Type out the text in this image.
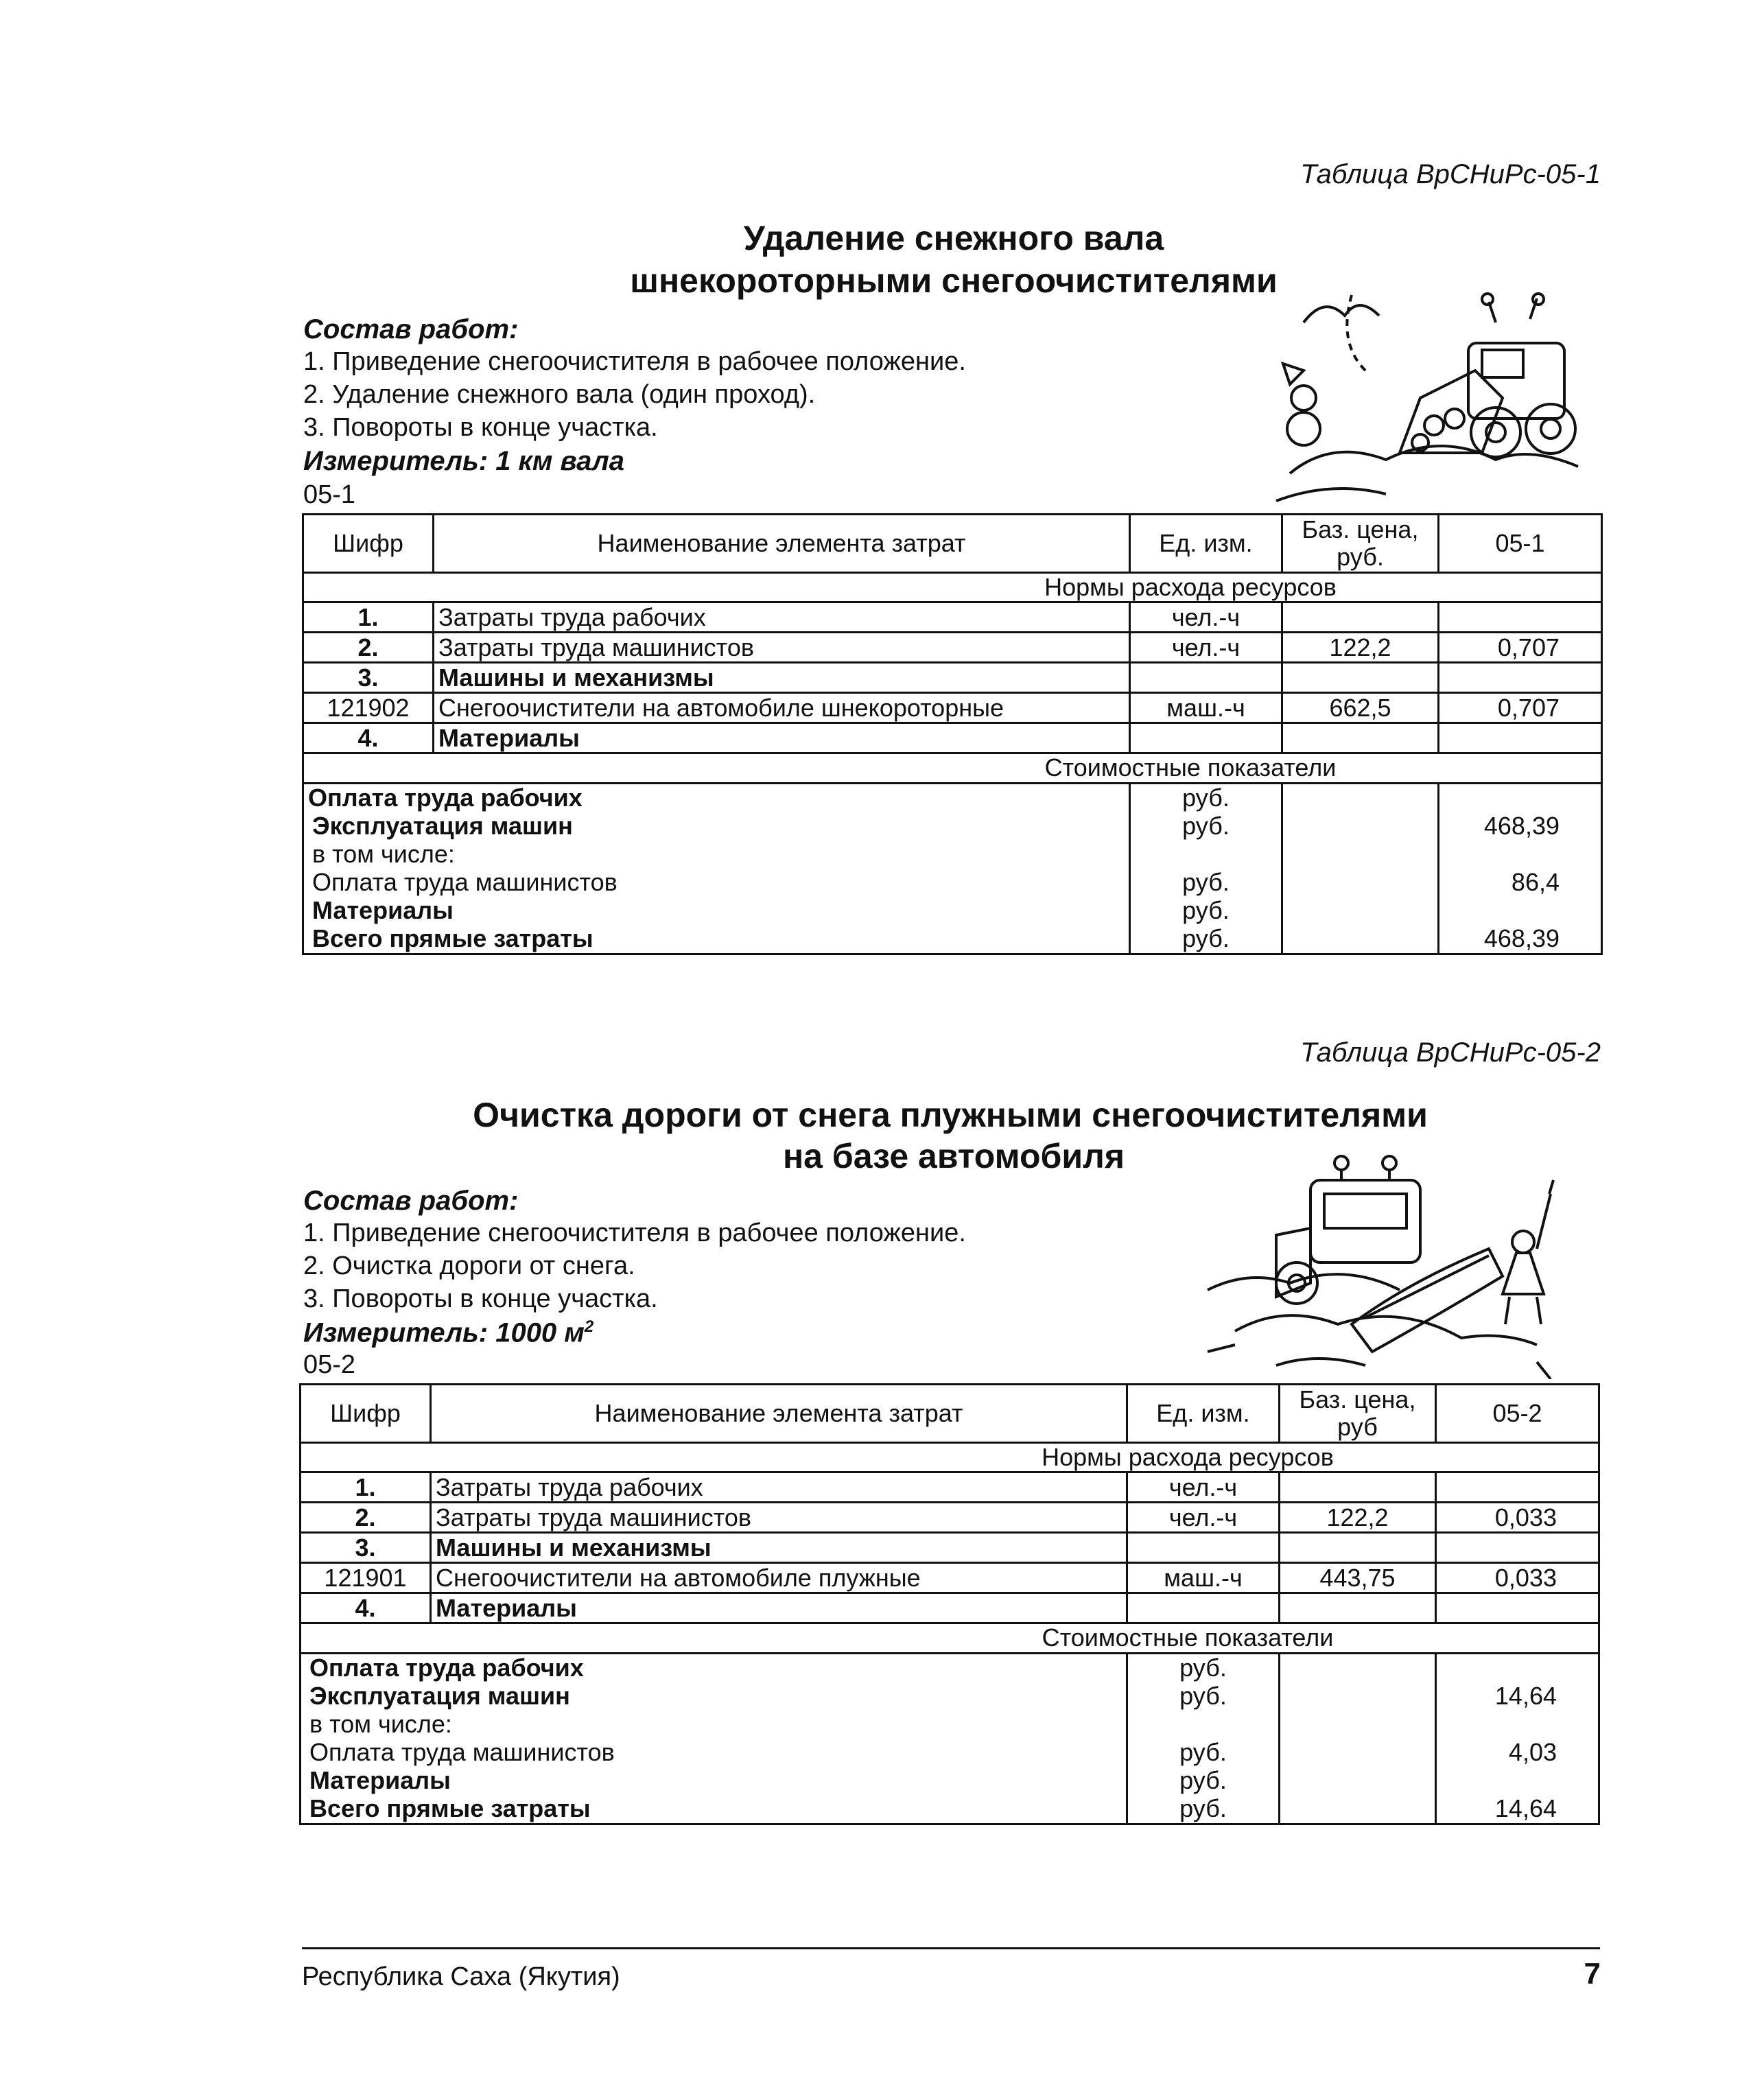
Таблица ВрСНиРс-05-1
Удаление снежного вала
шнекороторными снегоочистителями
Состав работ:
1. Приведение снегоочистителя в рабочее положение.
2. Удаление снежного вала (один проход).
3. Повороты в конце участка.
Измеритель: 1 км вала
05-1
Шифр	Наименование элемента затрат	Ед. изм.	Баз. цена, руб.	05-1
Нормы расхода ресурсов				
1.	Затраты труда рабочих	чел.-ч		
2.	Затраты труда машинистов	чел.-ч	122,2	0,707
3.	Машины и механизмы			
121902	Снегоочистители на автомобиле шнекороторные	маш.-ч	662,5	0,707
4.	Материалы			
Стоимостные показатели				
Оплата труда рабочих		руб.		
Эксплуатация машин		руб.		468,39
в том числе:				
Оплата труда машинистов		руб.		86,4
Материалы		руб.		
Всего прямые затраты		руб.		468,39
Таблица ВрСНиРс-05-2
Очистка дороги от снега плужными снегоочистителями
на базе автомобиля
Состав работ:
1. Приведение снегоочистителя в рабочее положение.
2. Очистка дороги от снега.
3. Повороты в конце участка.
Измеритель: 1000 $м^2$
05-2
Шифр	Наименование элемента затрат	Ед. изм.	Баз. цена, руб	05-2
Нормы расхода ресурсов				
1.	Затраты труда рабочих	чел.-ч		
2.	Затраты труда машинистов	чел.-ч	122,2	0,033
3.	Машины и механизмы			
121901	Снегоочистители на автомобиле плужные	маш.-ч	443,75	0,033
4.	Материалы			
Стоимостные показатели				
Оплата труда рабочих		руб.		
Эксплуатация машин		руб.		14,64
в том числе:				
Оплата труда машинистов		руб.		4,03
Материалы		руб.		
Всего прямые затраты		руб.		14,64
Республика Саха (Якутия)	7
